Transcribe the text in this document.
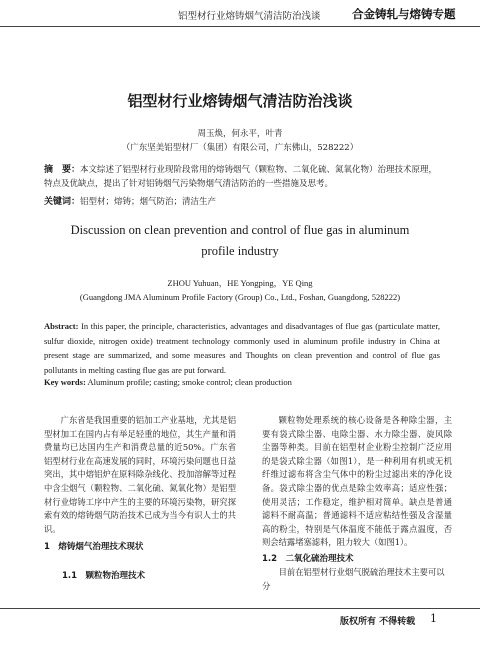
铝型材行业熔铸烟气清洁防治浅谈	合金铸轧与熔铸专题
铝型材行业熔铸烟气清洁防治浅谈
周玉焕，何永平，叶青
（广东坚美铝型材厂（集团）有限公司，广东佛山，528222）
摘　要：本文综述了铝型材行业现阶段常用的熔铸烟气（颗粒物、二氧化硫、氮氧化物）治理技术原理，特点及优缺点，提出了针对铝铸烟气污染物烟气清洁防治的一些措施及思考。
关键词：铝型材；熔铸；烟气防治；清洁生产
Discussion on clean prevention and control of flue gas in aluminum profile industry
ZHOU Yuhuan，HE Yongping，YE Qing
(Guangdong JMA Aluminum Profile Factory (Group) Co., Ltd., Foshan, Guangdong, 528222)
Abstract: In this paper, the principle, characteristics, advantages and disadvantages of flue gas (particulate matter, sulfur dioxide, nitrogen oxide) treatment technology commonly used in aluminum profile industry in China at present stage are summarized, and some measures and Thoughts on clean prevention and control of flue gas pollutants in melting casting flue gas are put forward.
Key words: Aluminum profile; casting; smoke control; clean production
广东省是我国重要的铝加工产业基地，尤其是铝型材加工在国内占有举足轻重的地位，其生产量和消费量均已达国内生产和消费总量的近50%。广东省铝型材行业在高速发展的同时，环境污染问题也日益突出，其中熔铝炉在原料除杂线化、投加溶解等过程中含尘烟气（颗粒物、二氧化硫、氮氧化物）是铝型材行业熔铸工序中产生的主要的环境污染物，研究探索有效的熔铸烟气防治技术已成为当今有识人士的共识。
1　熔铸烟气治理技术现状
1.1　颗粒物治理技术
颗粒物处理系统的核心设备是各种除尘器，主要有袋式除尘器、电除尘器、水力除尘器、旋风除尘器等种类。目前在铝型材企业粉尘控制广泛应用的是袋式除尘器（如图1），是一种利用有机或无机纤维过滤布将含尘气体中的粉尘过滤出来的净化设备。袋式除尘器的优点是除尘效率高；适应性强；使用灵活；工作稳定，维护相对简单。缺点是普通滤料不耐高温；普通滤料不适应粘结性强及含湿量高的粉尘，特别是气体温度不能低于露点温度，否则会结露堵塞滤料，阻力较大（如图1）。
1.2　二氧化硫治理技术
目前在铝型材行业烟气脱硫治理技术主要可以分
版权所有 不得转载 1
